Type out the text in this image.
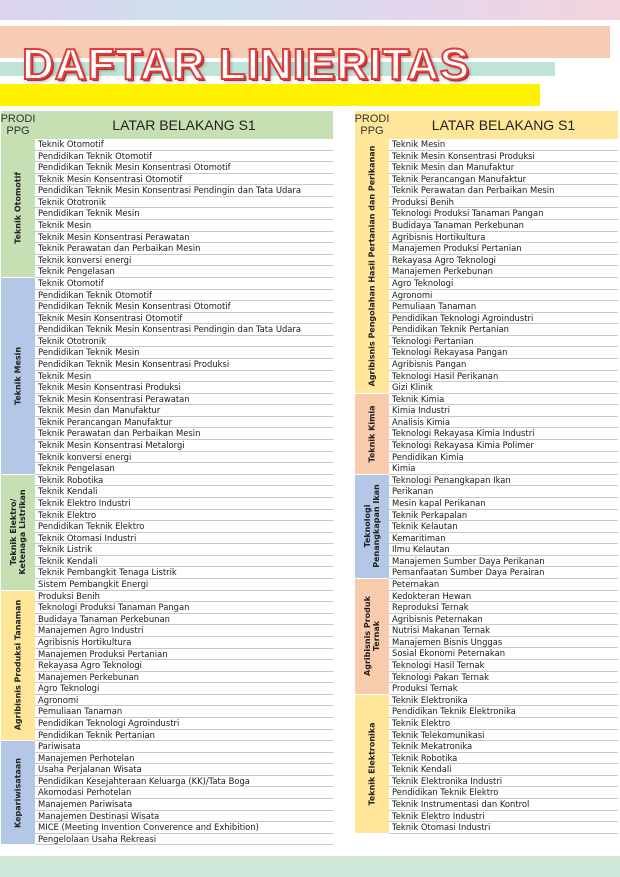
DAFTAR LINIERITAS
PRODI
PPG	LATAR BELAKANG S1
Teknik Otomotif
Teknik Otomotif
Pendidikan Teknik Otomotif
Pendidikan Teknik Mesin Konsentrasi Otomotif
Teknik Mesin Konsentrasi Otomotif
Pendidikan Teknik Mesin Konsentrasi Pendingin dan Tata Udara
Teknik Ototronik
Pendidikan Teknik Mesin
Teknik Mesin
Teknik Mesin Konsentrasi Perawatan
Teknik Perawatan dan Perbaikan Mesin
Teknik konversi energi
Teknik Pengelasan
Teknik Mesin
Teknik Otomotif
Pendidikan Teknik Otomotif
Pendidikan Teknik Mesin Konsentrasi Otomotif
Teknik Mesin Konsentrasi Otomotif
Pendidikan Teknik Mesin Konsentrasi Pendingin dan Tata Udara
Teknik Ototronik
Pendidikan Teknik Mesin
Pendidikan Teknik Mesin Konsentrasi Produksi
Teknik Mesin
Teknik Mesin Konsentrasi Produksi
Teknik Mesin Konsentrasi Perawatan
Teknik Mesin dan Manufaktur
Teknik Perancangan Manufaktur
Teknik Perawatan dan Perbaikan Mesin
Teknik Mesin Konsentrasi Metalorgi
Teknik konversi energi
Teknik Pengelasan
Teknik Elektro/ Ketenaga Listrikan
Teknik Robotika
Teknik Kendali
Teknik Elektro Industri
Teknik Elektro
Pendidikan Teknik Elektro
Teknik Otomasi Industri
Teknik Listrik
Teknik Kendali
Teknik Pembangkit Tenaga Listrik
Sistem Pembangkit Energi
Agribisnis Produksi Tanaman
Produksi Benih
Teknologi Produksi Tanaman Pangan
Budidaya Tanaman Perkebunan
Manajemen Agro Industri
Agribisnis Hortikultura
Manajemen Produksi Pertanian
Rekayasa Agro Teknologi
Manajemen Perkebunan
Agro Teknologi
Agronomi
Pemuliaan Tanaman
Pendidikan Teknologi Agroindustri
Pendidikan Teknik Pertanian
Kepariwisataan
Pariwisata
Manajemen Perhotelan
Usaha Perjalanan Wisata
Pendidikan Kesejahteraan Keluarga (KK)/Tata Boga
Akomodasi Perhotelan
Manajemen Pariwisata
Manajemen Destinasi Wisata
MICE (Meeting Invention Converence and Exhibition)
Pengelolaan Usaha Rekreasi
PRODI
PPG	LATAR BELAKANG S1
Agribisnis Pengolahan Hasil Pertanian dan Perikanan
Teknik Mesin
Teknik Mesin Konsentrasi Produksi
Teknik Mesin dan Manufaktur
Teknik Perancangan Manufaktur
Teknik Perawatan dan Perbaikan Mesin
Produksi Benih
Teknologi Produksi Tanaman Pangan
Budidaya Tanaman Perkebunan
Agribisnis Hortikultura
Manajemen Produksi Pertanian
Rekayasa Agro Teknologi
Manajemen Perkebunan
Agro Teknologi
Agronomi
Pemuliaan Tanaman
Pendidikan Teknologi Agroindustri
Pendidikan Teknik Pertanian
Teknologi Pertanian
Teknologi Rekayasa Pangan
Agribisnis Pangan
Teknologi Hasil Perikanan
Gizi Klinik
Teknik Kimia
Teknik Kimia
Kimia Industri
Analisis Kimia
Teknologi Rekayasa Kimia Industri
Teknologi Rekayasa Kimia Polimer
Pendidikan Kimia
Kimia
Teknologi Penangkapan Ikan
Teknologi Penangkapan Ikan
Perikanan
Mesin kapal Perikanan
Teknik Perkapalan
Teknik Kelautan
Kemaritiman
Ilmu Kelautan
Manajemen Sumber Daya Perikanan
Pemanfaatan Sumber Daya Perairan
Agribisnis Produk Ternak
Peternakan
Kedokteran Hewan
Reproduksi Ternak
Agribisnis Peternakan
Nutrisi Makanan Ternak
Manajemen Bisnis Unggas
Sosial Ekonomi Peternakan
Teknologi Hasil Ternak
Teknologi Pakan Ternak
Produksi Ternak
Teknik Elektronika
Teknik Elektronika
Pendidikan Teknik Elektronika
Teknik Elektro
Teknik Telekomunikasi
Teknik Mekatronika
Teknik Robotika
Teknik Kendali
Teknik Elektronika Industri
Pendidikan Teknik Elektro
Teknik Instrumentasi dan Kontrol
Teknik Elektro Industri
Teknik Otomasi Industri
